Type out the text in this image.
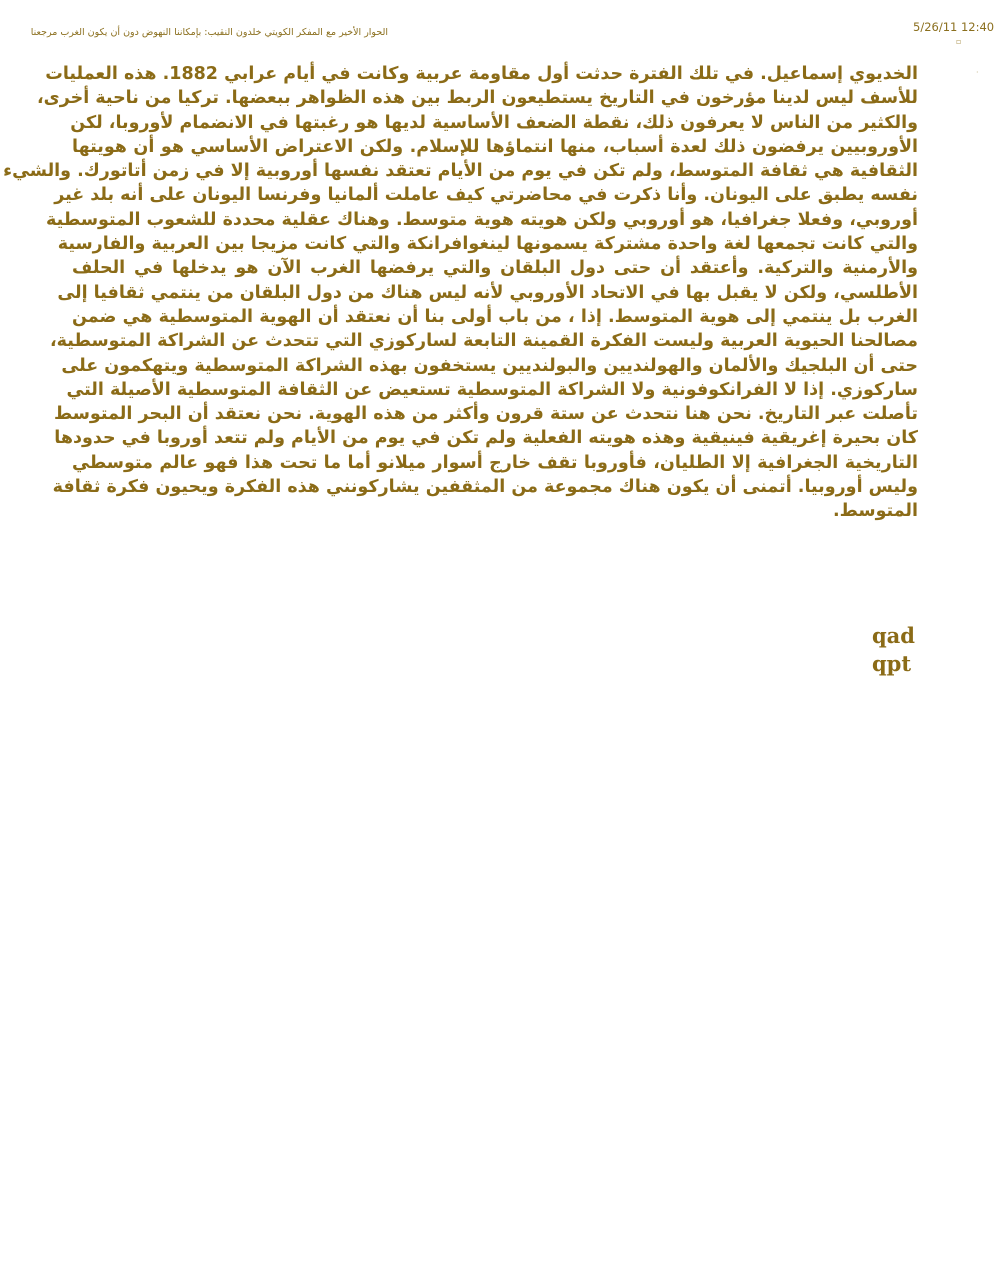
الحوار الأخير مع المفكر الكويتي خلدون النقيب: بإمكاننا النهوض دون أن يكون الغرب مرجعنا	5/26/11 12:40
▫
·
الخديوي إسماعيل. في تلك الفترة حدثت أول مقاومة عربية وكانت في أيام عرابي 1882. هذه العمليات
للأسف ليس لدينا مؤرخون في التاريخ يستطيعون الربط بين هذه الظواهر ببعضها. تركيا من ناحية أخرى،
والكثير من الناس لا يعرفون ذلك، نقطة الضعف الأساسية لديها هو رغبتها في الانضمام لأوروبا، لكن
الأوروبيين يرفضون ذلك لعدة أسباب، منها انتماؤها للإسلام. ولكن الاعتراض الأساسي هو أن هويتها
الثقافية هي ثقافة المتوسط، ولم تكن في يوم من الأيام تعتقد نفسها أوروبية إلا في زمن أتاتورك. والشيء
نفسه يطبق على اليونان. وأنا ذكرت في محاضرتي كيف عاملت ألمانيا وفرنسا اليونان على أنه بلد غير
أوروبي، وفعلا جغرافيا، هو أوروبي ولكن هويته هوية متوسط. وهناك عقلية محددة للشعوب المتوسطية
والتي كانت تجمعها لغة واحدة مشتركة يسمونها لينغوافرانكة والتي كانت مزيجا بين العربية والفارسية
والأرمنية والتركية. وأعتقد أن حتى دول البلقان والتي يرفضها الغرب الآن هو يدخلها في الحلف
الأطلسي، ولكن لا يقبل بها في الاتحاد الأوروبي لأنه ليس هناك من دول البلقان من ينتمي ثقافيا إلى
الغرب بل ينتمي إلى هوية المتوسط. إذا ، من باب أولى بنا أن نعتقد أن الهوية المتوسطية هي ضمن
مصالحنا الحيوية العربية وليست الفكرة القمينة التابعة لساركوزي التي تتحدث عن الشراكة المتوسطية،
حتى أن البلجيك والألمان والهولنديين والبولنديين يستخفون بهذه الشراكة المتوسطية ويتهكمون على
ساركوزي. إذا لا الفرانكوفونية ولا الشراكة المتوسطية تستعيض عن الثقافة المتوسطية الأصيلة التي
تأصلت عبر التاريخ. نحن هنا نتحدث عن ستة قرون وأكثر من هذه الهوية. نحن نعتقد أن البحر المتوسط
كان بحيرة إغريقية فينيقية وهذه هويته الفعلية ولم تكن في يوم من الأيام ولم تتعد أوروبا في حدودها
التاريخية الجغرافية إلا الطليان، فأوروبا تقف خارج أسوار ميلانو أما ما تحت هذا فهو عالم متوسطي
وليس أوروبيا. أتمنى أن يكون هناك مجموعة من المثقفين يشاركونني هذه الفكرة ويحيون فكرة ثقافة
المتوسط.
qad
qpt
